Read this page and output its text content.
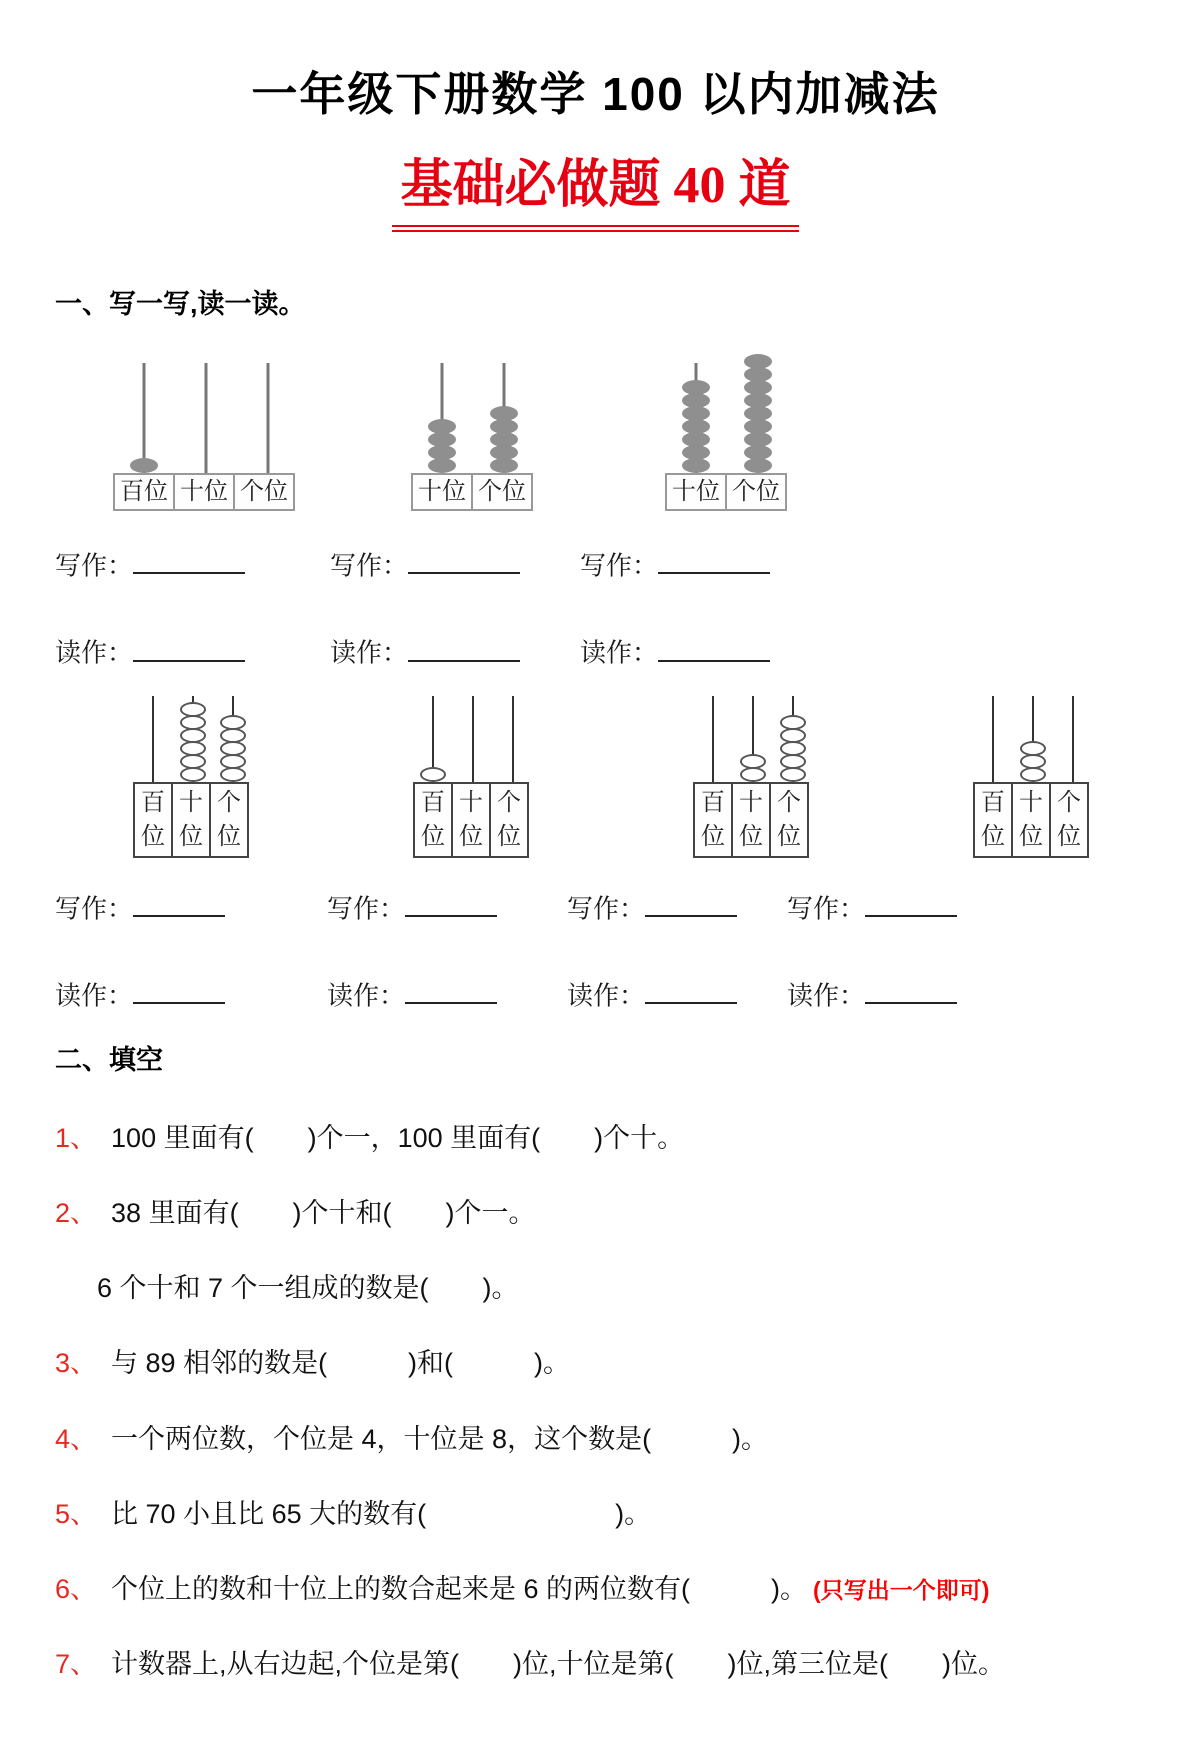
一年级下册数学 100 以内加减法
基础必做题 40 道
一、写一写,读一读。
百位 十位 个位	十位 个位	十位 个位
写作：	写作：	写作：
读作：	读作：	读作：
百位
十位
个位
百位
十位
个位
百位
十位
个位
百位
十位
个位
写作：	写作：	写作：	写作：
读作：	读作：	读作：	读作：
二、填空
1、 100 里面有(　　)个一，100 里面有(　　)个十。
2、 38 里面有(　　)个十和(　　)个一。
6 个十和 7 个一组成的数是(　　)。
3、 与 89 相邻的数是(　　　)和(　　　)。
4、 一个两位数，个位是 4，十位是 8，这个数是(　　　)。
5、 比 70 小且比 65 大的数有(　　　　　　　)。
6、 个位上的数和十位上的数合起来是 6 的两位数有(　　　)。 (只写出一个即可)
7、 计数器上,从右边起,个位是第(　　)位,十位是第(　　)位,第三位是(　　)位。
